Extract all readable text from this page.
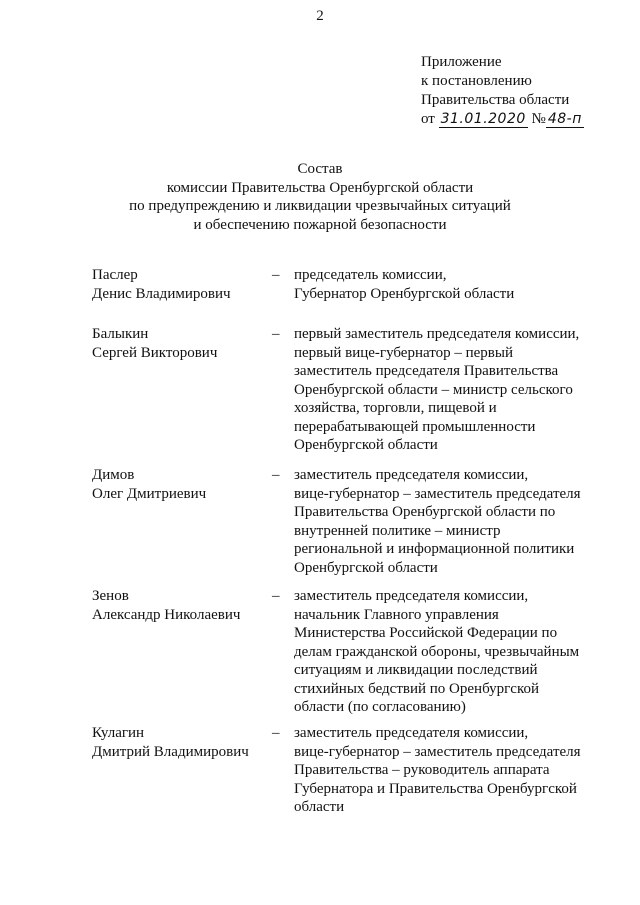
2
Приложение
к постановлению
Правительства области
от 31.01.2020 № 48-п
Состав
комиссии Правительства Оренбургской области
по предупреждению и ликвидации чрезвычайных ситуаций
и обеспечению пожарной безопасности
Паслер
Денис Владимирович
– председатель комиссии,
Губернатор Оренбургской области
Балыкин
Сергей Викторович
– первый заместитель председателя комиссии,
первый вице-губернатор – первый
заместитель председателя Правительства
Оренбургской области – министр сельского
хозяйства, торговли, пищевой и
перерабатывающей промышленности
Оренбургской области
Димов
Олег Дмитриевич
– заместитель председателя комиссии,
вице-губернатор – заместитель председателя
Правительства Оренбургской области по
внутренней политике – министр
региональной и информационной политики
Оренбургской области
Зенов
Александр Николаевич
– заместитель председателя комиссии,
начальник Главного управления
Министерства Российской Федерации по
делам гражданской обороны, чрезвычайным
ситуациям и ликвидации последствий
стихийных бедствий по Оренбургской
области (по согласованию)
Кулагин
Дмитрий Владимирович
– заместитель председателя комиссии,
вице-губернатор – заместитель председателя
Правительства – руководитель аппарата
Губернатора и Правительства Оренбургской
области
